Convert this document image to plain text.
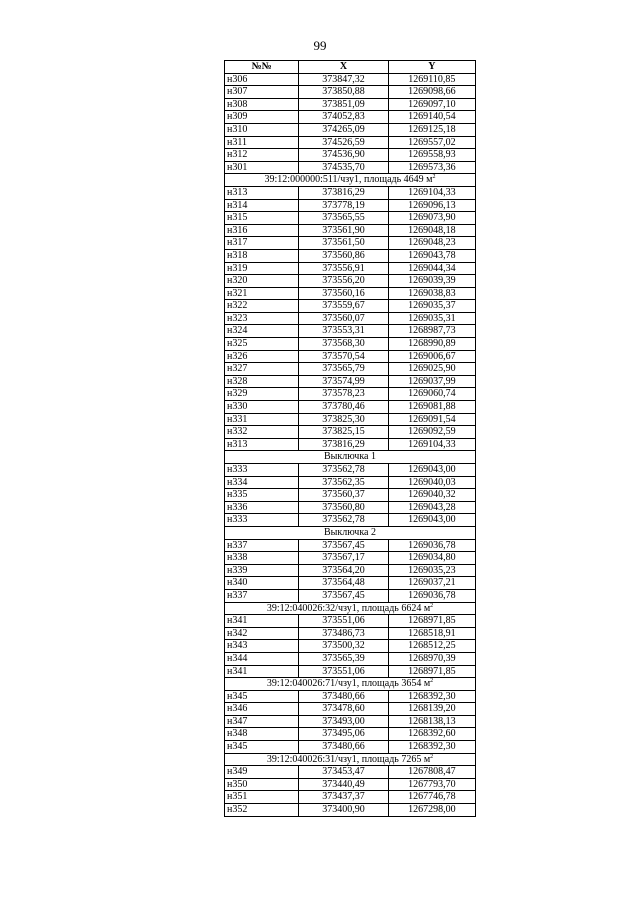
99
№№	X	Y
н306	373847,32	1269110,85
н307	373850,88	1269098,66
н308	373851,09	1269097,10
н309	374052,83	1269140,54
н310	374265,09	1269125,18
н311	374526,59	1269557,02
н312	374536,90	1269558,93
н301	374535,70	1269573,36
39:12:000000:511/чзу1, площадь 4649 $м^2$
н313	373816,29	1269104,33
н314	373778,19	1269096,13
н315	373565,55	1269073,90
н316	373561,90	1269048,18
н317	373561,50	1269048,23
н318	373560,86	1269043,78
н319	373556,91	1269044,34
н320	373556,20	1269039,39
н321	373560,16	1269038,83
н322	373559,67	1269035,37
н323	373560,07	1269035,31
н324	373553,31	1268987,73
н325	373568,30	1268990,89
н326	373570,54	1269006,67
н327	373565,79	1269025,90
н328	373574,99	1269037,99
н329	373578,23	1269060,74
н330	373780,46	1269081,88
н331	373825,30	1269091,54
н332	373825,15	1269092,59
н313	373816,29	1269104,33
Выключка 1		
н333	373562,78	1269043,00
н334	373562,35	1269040,03
н335	373560,37	1269040,32
н336	373560,80	1269043,28
н333	373562,78	1269043,00
Выключка 2		
н337	373567,45	1269036,78
н338	373567,17	1269034,80
н339	373564,20	1269035,23
н340	373564,48	1269037,21
н337	373567,45	1269036,78
39:12:040026:32/чзу1, площадь 6624 $м^2$
н341	373551,06	1268971,85
н342	373486,73	1268518,91
н343	373500,32	1268512,25
н344	373565,39	1268970,39
н341	373551,06	1268971,85
39:12:040026:71/чзу1, площадь 3654 $м^2$
н345	373480,66	1268392,30
н346	373478,60	1268139,20
н347	373493,00	1268138,13
н348	373495,06	1268392,60
н345	373480,66	1268392,30
39:12:040026:31/чзу1, площадь 7265 $м^2$
н349	373453,47	1267808,47
н350	373440,49	1267793,70
н351	373437,37	1267746,78
н352	373400,90	1267298,00
